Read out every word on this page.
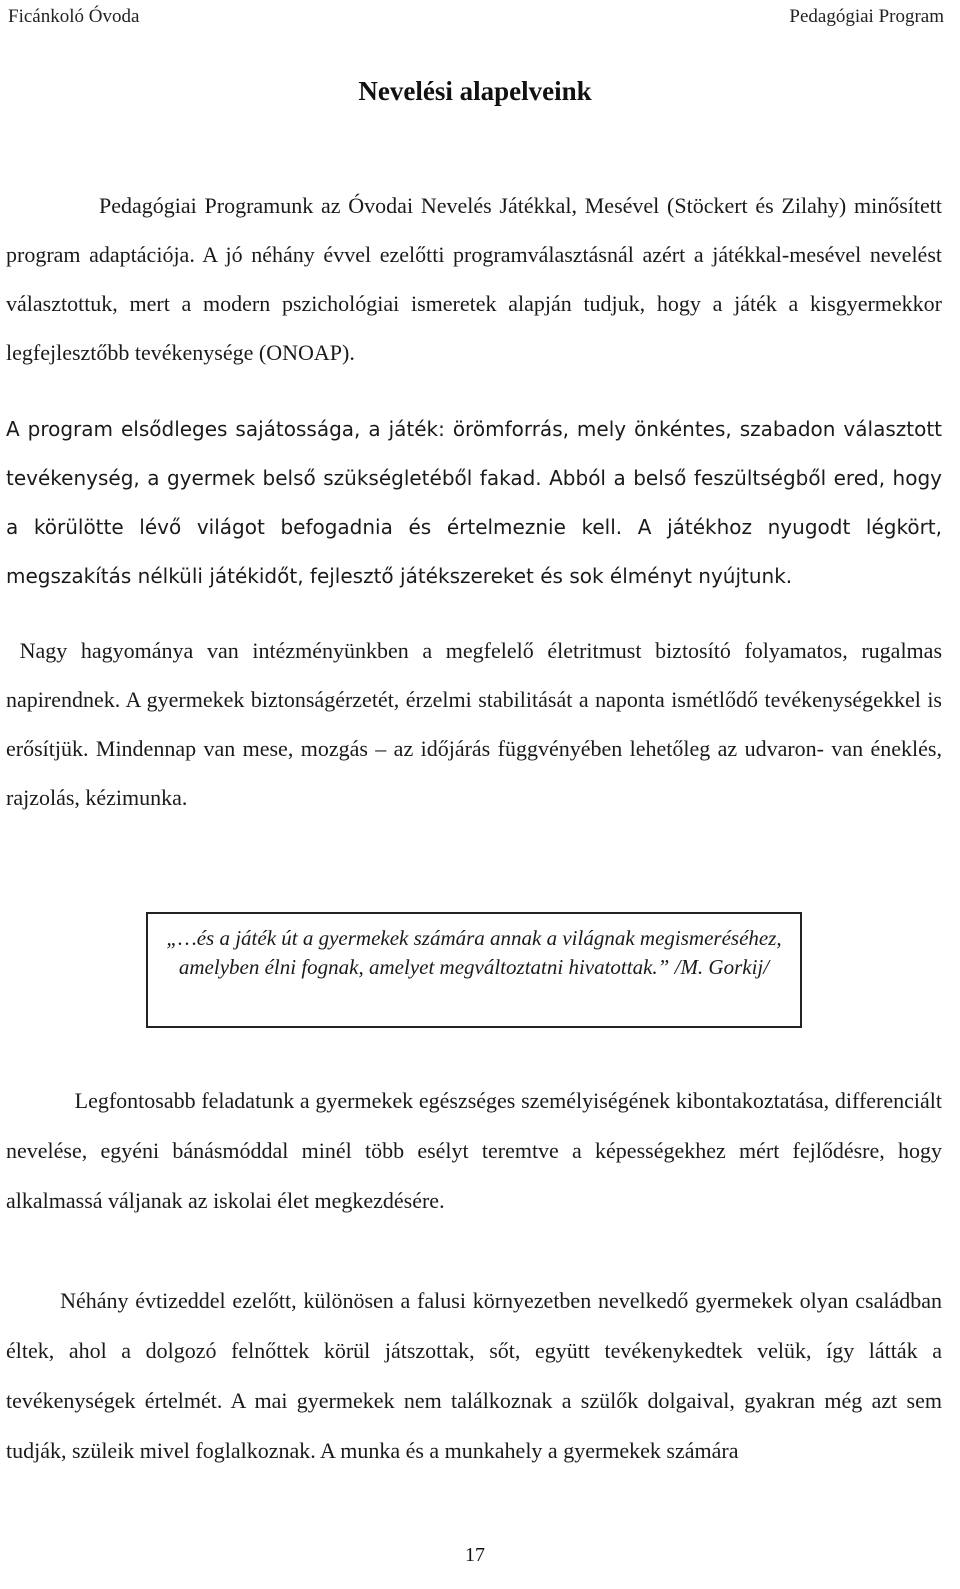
Ficánkoló Óvoda	Pedagógiai Program
Nevelési alapelveink

Pedagógiai Programunk az Óvodai Nevelés Játékkal, Mesével (Stöckert és Zilahy) minősített program adaptációja. A jó néhány évvel ezelőtti programválasztásnál azért a játékkal-mesével nevelést választottuk, mert a modern pszichológiai ismeretek alapján tudjuk, hogy a játék a kisgyermekkor legfejlesztőbb tevékenysége (ONOAP).

A program elsődleges sajátossága, a játék: örömforrás, mely önkéntes, szabadon választott tevékenység, a gyermek belső szükségletéből fakad. Abból a belső feszültségből ered, hogy a körülötte lévő világot befogadnia és értelmeznie kell. A játékhoz nyugodt légkört, megszakítás nélküli játékidőt, fejlesztő játékszereket és sok élményt nyújtunk.

Nagy hagyománya van intézményünkben a megfelelő életritmust biztosító folyamatos, rugalmas napirendnek. A gyermekek biztonságérzetét, érzelmi stabilitását a naponta ismétlődő tevékenységekkel is erősítjük. Mindennap van mese, mozgás – az időjárás függvényében lehetőleg az udvaron- van éneklés, rajzolás, kézimunka.

„…és a játék út a gyermekek számára annak a világnak megismeréséhez, amelyben élni fognak, amelyet megváltoztatni hivatottak.” /M. Gorkij/

Legfontosabb feladatunk a gyermekek egészséges személyiségének kibontakoztatása, differenciált nevelése, egyéni bánásmóddal minél több esélyt teremtve a képességekhez mért fejlődésre, hogy alkalmassá váljanak az iskolai élet megkezdésére.

Néhány évtizeddel ezelőtt, különösen a falusi környezetben nevelkedő gyermekek olyan családban éltek, ahol a dolgozó felnőttek körül játszottak, sőt, együtt tevékenykedtek velük, így látták a tevékenységek értelmét. A mai gyermekek nem találkoznak a szülők dolgaival, gyakran még azt sem tudják, szüleik mivel foglalkoznak. A munka és a munkahely a gyermekek számára

17
